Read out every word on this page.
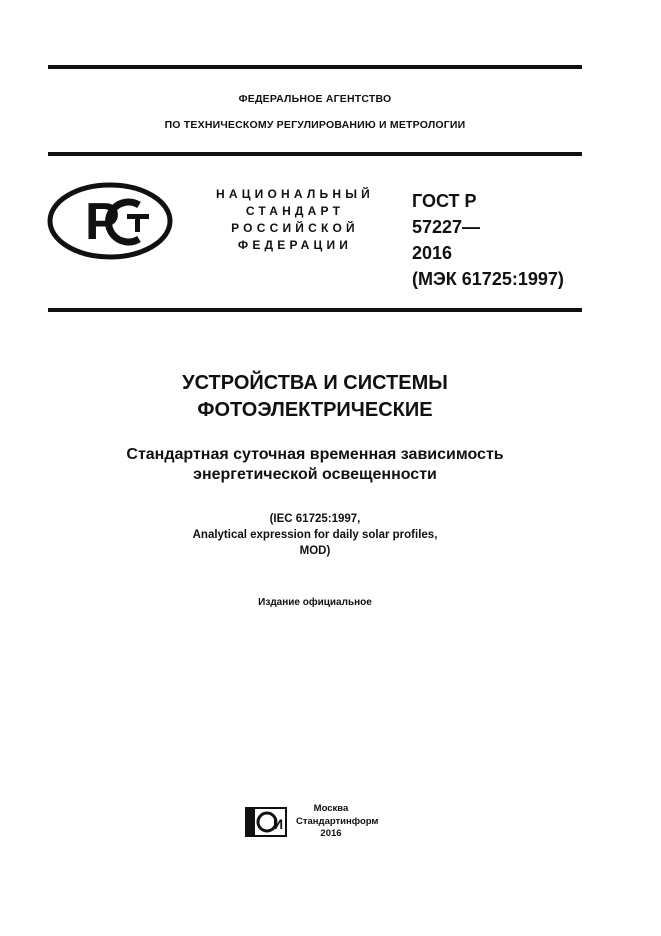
ФЕДЕРАЛЬНОЕ АГЕНТСТВО
ПО ТЕХНИЧЕСКОМУ РЕГУЛИРОВАНИЮ И МЕТРОЛОГИИ
P	НАЦИОНАЛЬНЫЙ
СТАНДАРТ
РОССИЙСКОЙ
ФЕДЕРАЦИИ
ГОСТ Р
57227—
2016
(МЭК 61725:1997)
УСТРОЙСТВА И СИСТЕМЫ
ФОТОЭЛЕКТРИЧЕСКИЕ
Стандартная суточная временная зависимость
энергетической освещенности
(IEC 61725:1997,
Analytical expression for daily solar profiles,
MOD)
Издание официальное
И
Москва
Стандартинформ
2016
